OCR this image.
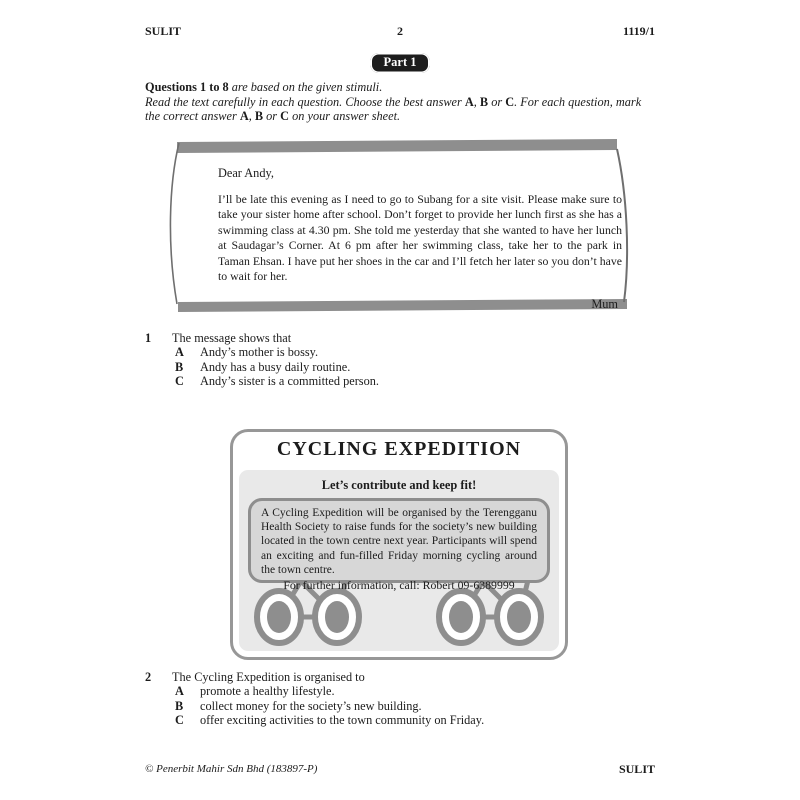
SULIT	2	1119/1
Part 1
Questions 1 to 8 are based on the given stimuli.
Read the text carefully in each question. Choose the best answer A, B or C. For each question, mark the correct answer A, B or C on your answer sheet.
Dear Andy,
I’ll be late this evening as I need to go to Subang for a site visit. Please make sure to take your sister home after school. Don’t forget to provide her lunch first as she has a swimming class at 4.30 pm. She told me yesterday that she wanted to have her lunch at Saudagar’s Corner. At 6 pm after her swimming class, take her to the park in Taman Ehsan. I have put her shoes in the car and I’ll fetch her later so you don’t have to wait for her.
Mum
1	The message shows that
A	Andy’s mother is bossy.
B	Andy has a busy daily routine.
C	Andy’s sister is a committed person.
CYCLING EXPEDITION
Let’s contribute and keep fit!
A Cycling Expedition will be organised by the Terengganu Health Society to raise funds for the society’s new building located in the town centre next year. Participants will spend an exciting and fun-filled Friday morning cycling around the town centre.
For further information, call: Robert 09-6389999
2	The Cycling Expedition is organised to
A	promote a healthy lifestyle.
B	collect money for the society’s new building.
C	offer exciting activities to the town community on Friday.
© Penerbit Mahir Sdn Bhd (183897-P)	SULIT
